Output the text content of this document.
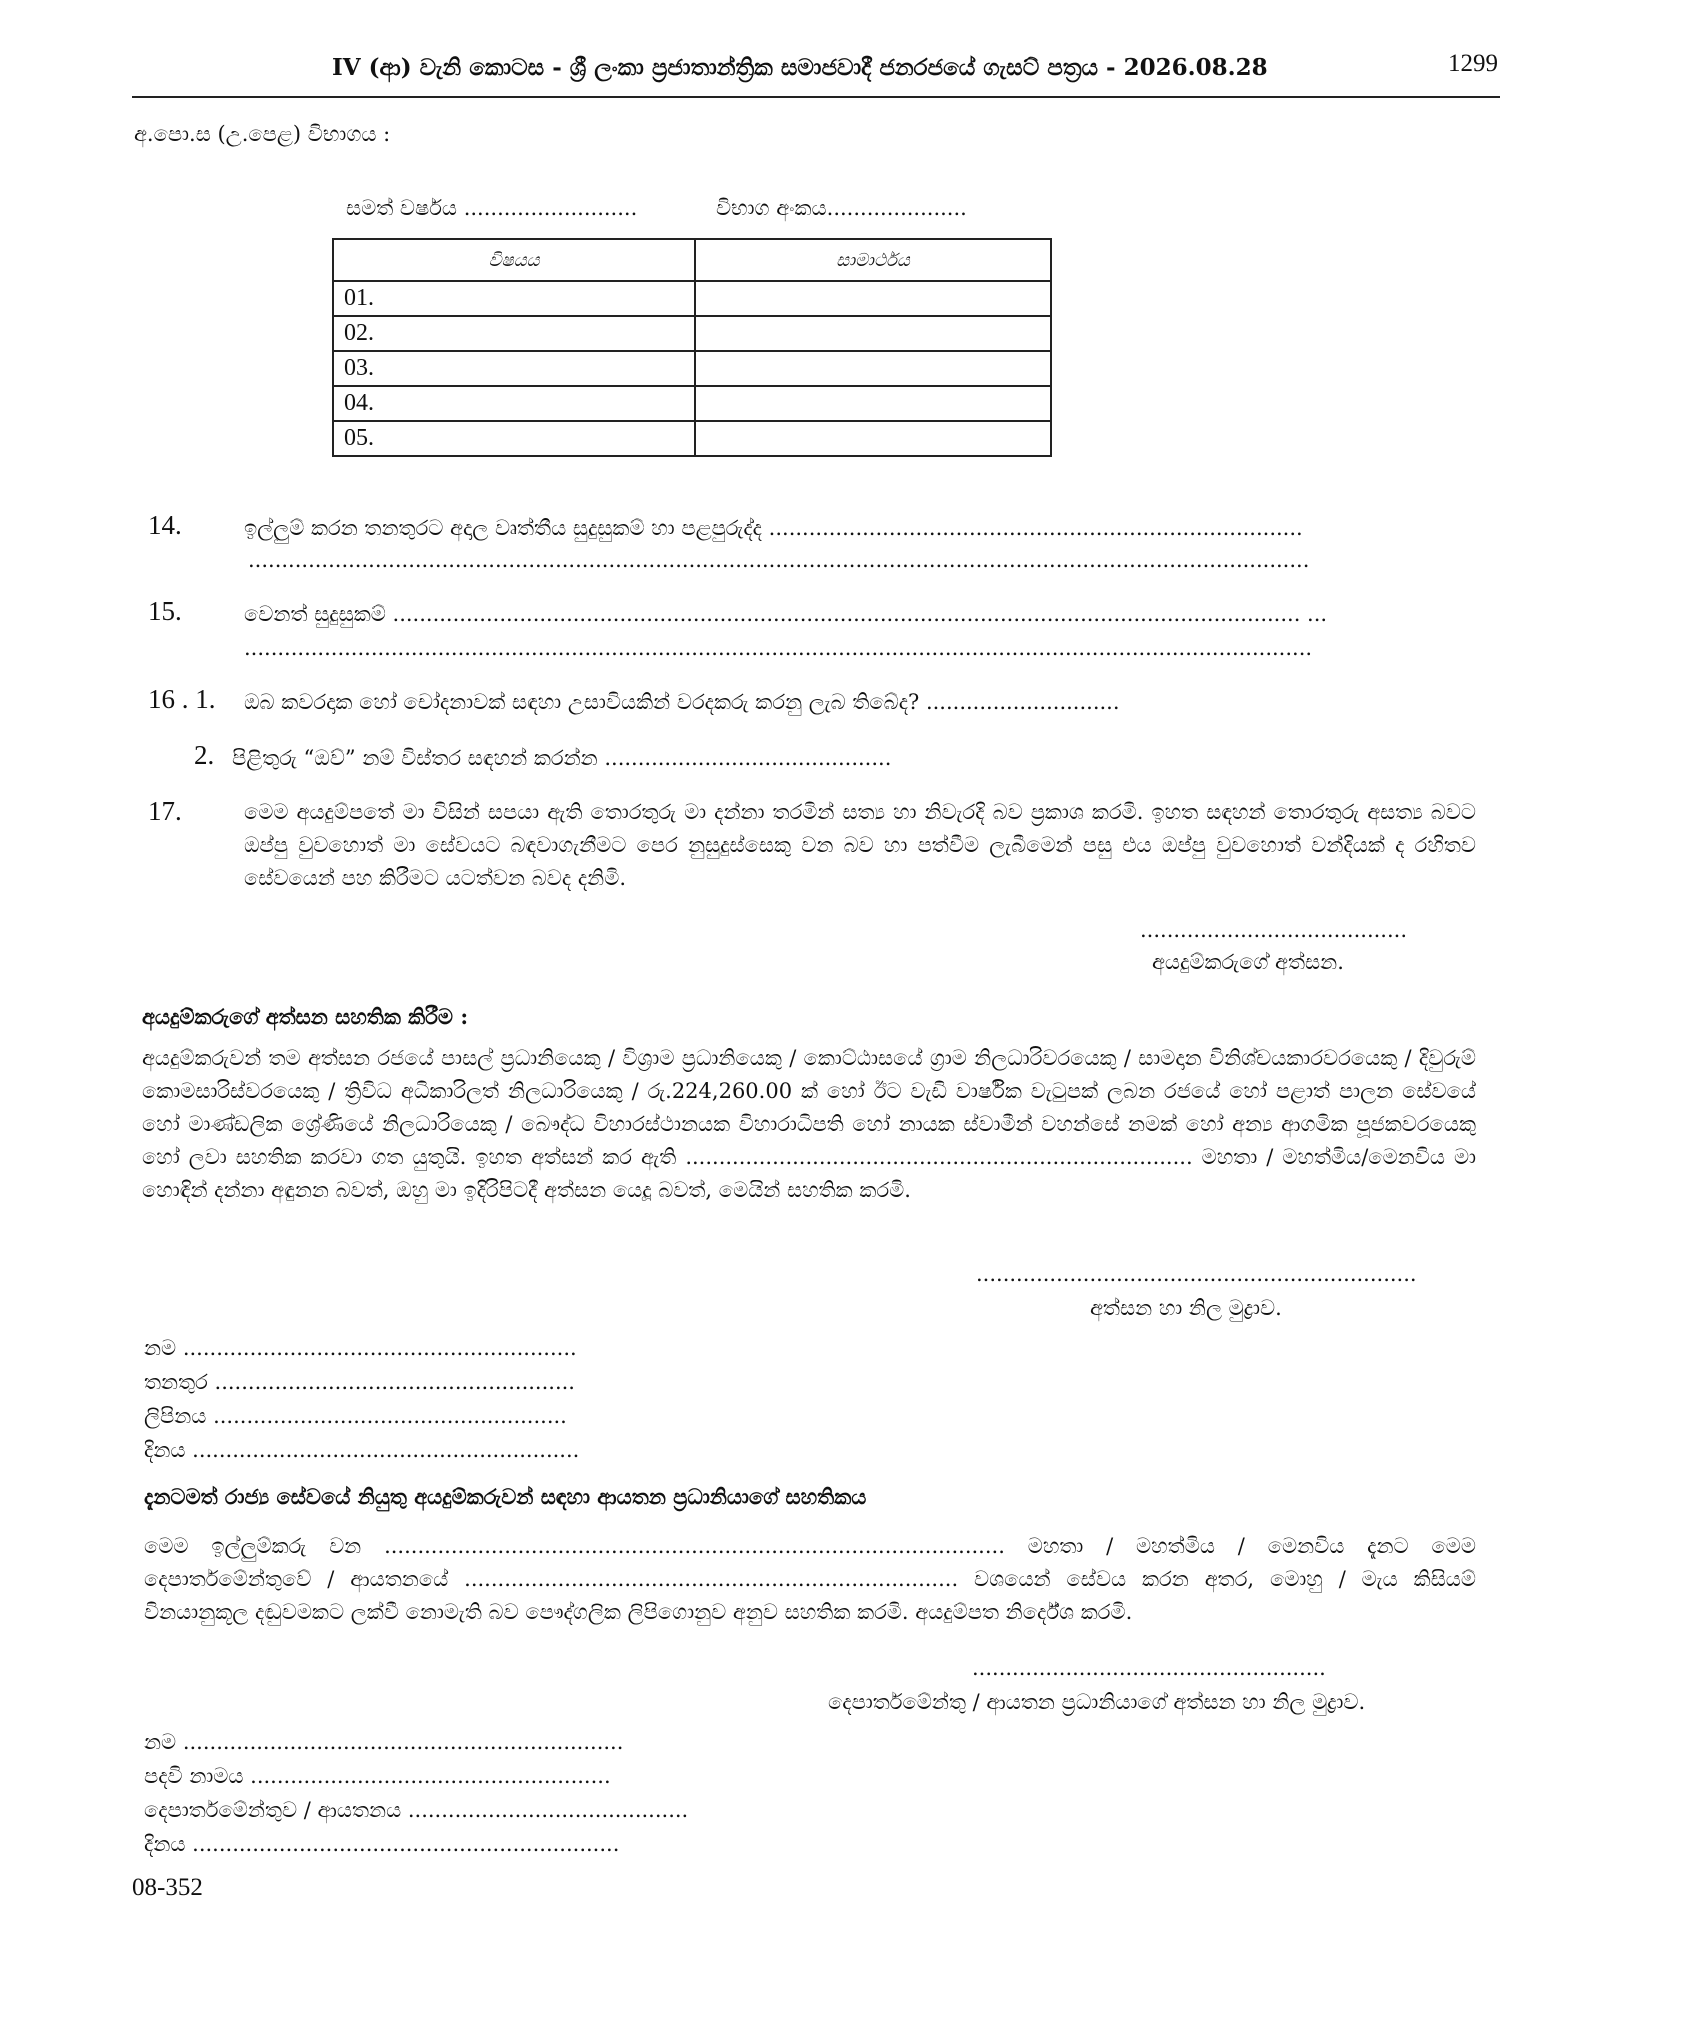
IV (ආ) වැනි කොටස - ශ්‍රී ලංකා ප්‍රජාතාන්ත්‍රික සමාජවාදී ජනරජයේ ගැසට් පත්‍රය - 2026.08.28	1299
අ.පො.ස (උ.පෙළ) විභාගය :
සමත් වර්ෂය ..........................	විභාග අංකය.....................
විෂයය	සාමාර්ථය
01.	
02.	
03.	
04.	
05.	
14.	ඉල්ලුම් කරන තනතුරට අදාල වෘත්තීය සුදුසුකම් හා පළපුරුද්ද ................................................................................
...............................................................................................................................................................
15.	වෙනත් සුදුසුකම් ........................................................................................................................................ ...
................................................................................................................................................................
16 . 1. ඔබ කවරදාක හෝ චෝදනාවක් සඳහා උසාවියකින් වරදකරු කරනු ලැබ තිබේද? .............................
2. පිළිතුරු “ඔව්” නම් විස්තර සඳහන් කරන්න ...........................................
17.	මෙම අයදුම්පතේ මා විසින් සපයා ඇති තොරතුරු මා දන්නා තරමින් සත්‍ය හා නිවැරදි බව ප්‍රකාශ කරමි. ඉහත සඳහන් තොරතුරු අසත්‍ය බවට ඔප්පු වුවහොත් මා සේවයට බඳවාගැනීමට පෙර නුසුදුස්සෙකු වන බව හා පත්වීම ලැබීමෙන් පසු එය ඔප්පු වුවහොත් වන්දියක් ද රහිතව සේවයෙන් පහ කිරීමට යටත්වන බවද දනිමි.
........................................
අයදුම්කරුගේ අත්සන.
අයදුම්කරුගේ අත්සන සහතික කිරීම :
අයදුම්කරුවන් තම අත්සන රජයේ පාසල් ප්‍රධානියෙකු / විශ්‍රාම ප්‍රධානියෙකු / කොට්ඨාසයේ ග්‍රාම නිලධාරිවරයෙකු / සාමදාන විනිශ්චයකාරවරයෙකු / දිවුරුම් කොමසාරිස්වරයෙකු / ත්‍රිවිධ අධිකාරිලත් නිලධාරියෙකු / රු.224,260.00 ක් හෝ ඊට වැඩි වාර්ෂික වැටුපක් ලබන රජයේ හෝ පළාත් පාලන සේවයේ හෝ මාණ්ඩලික ශ්‍රේණියේ නිලධාරියෙකු / බෞද්ධ විහාරස්ථානයක විහාරාධිපති හෝ නායක ස්වාමීන් වහන්සේ නමක් හෝ අන්‍ය ආගමික පූජකවරයෙකු හෝ ලවා සහතික කරවා ගත යුතුයි. ඉහත අත්සන් කර ඇති ............................................................................ මහතා / මහත්මිය/මෙනවිය මා හොඳින් දන්නා අඳුනන බවත්, ඔහු මා ඉදිරිපිටදී අත්සන යෙදූ බවත්, මෙයින් සහතික කරමි.
..................................................................
අත්සන හා නිල මුද්‍රාව.
නම ...........................................................
තනතුර ......................................................
ලිපිනය .....................................................
දිනය ..........................................................
දැනටමත් රාජ්‍ය සේවයේ නියුතු අයදුම්කරුවන් සඳහා ආයතන ප්‍රධානියාගේ සහතිකය
මෙම ඉල්ලුම්කරු වන ............................................................................................. මහතා / මහත්මිය / මෙනවිය දැනට මෙම දෙපාර්තමේන්තුවේ / ආයතනයේ .......................................................................... වශයෙන් සේවය කරන අතර, මොහු / මැය කිසියම් විනයානුකූල දඬුවමකට ලක්වී නොමැති බව පෞද්ගලික ලිපිගොනුව අනුව සහතික කරමි. අයදුම්පත නිර්දේශ කරමි.
.....................................................
දෙපාර්තමේන්තු / ආයතන ප්‍රධානියාගේ අත්සන හා නිල මුද්‍රාව.
නම ..................................................................
පදවි නාමය ......................................................
දෙපාර්තමේන්තුව / ආයතනය ..........................................
දිනය ................................................................
08-352
